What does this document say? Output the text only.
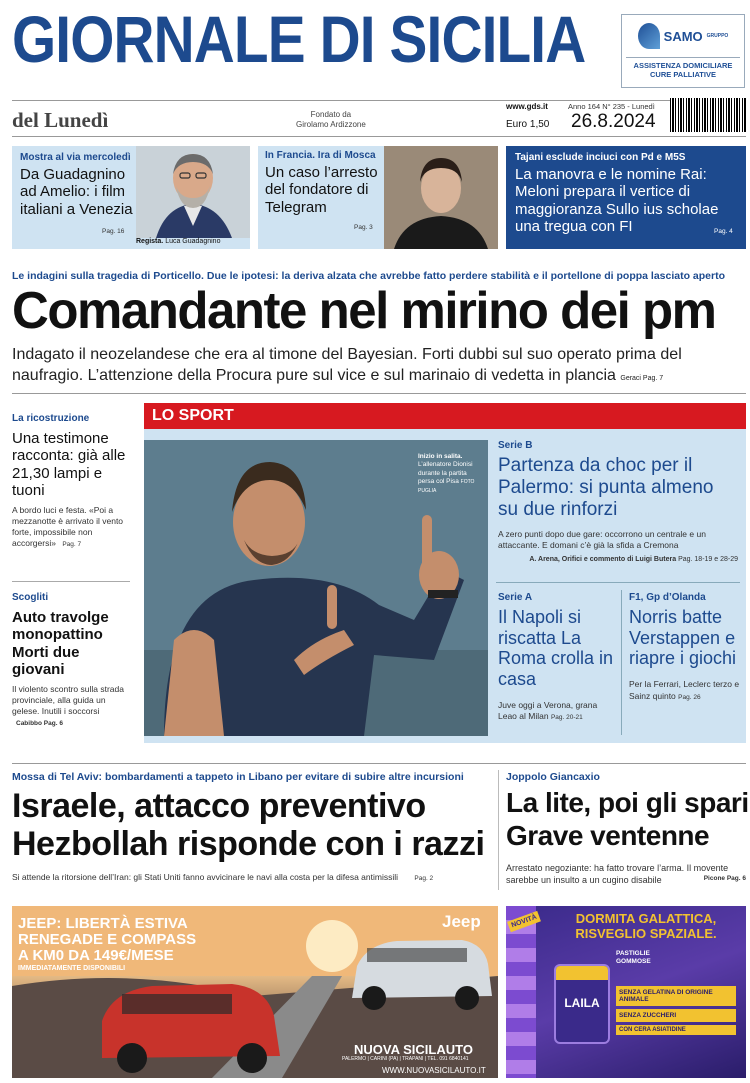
GIORNALE DI SICILIA	SAMO GRUPPO
ASSISTENZA DOMICILIARE
CURE PALLIATIVE
del Lunedì	Fondato da
Girolamo Ardizzone
www.gds.it
Euro 1,50
Anno 164 N° 235 - Lunedì
26.8.2024
Mostra al via mercoledì
Da Guadagnino ad Amelio: i film italiani a Venezia
Pag. 16
Regista. Luca Guadagnino
In Francia. Ira di Mosca
Un caso l’arresto del fondatore di Telegram
Pag. 3
Tajani esclude inciuci con Pd e M5S
La manovra e le nomine Rai: Meloni prepara il vertice di maggioranza Sullo ius scholae una tregua con FI	Pag. 4
Le indagini sulla tragedia di Porticello. Due le ipotesi: la deriva alzata che avrebbe fatto perdere stabilità e il portellone di poppa lasciato aperto
Comandante nel mirino dei pm
Indagato il neozelandese che era al timone del Bayesian. Forti dubbi sul suo operato prima del naufragio. L’attenzione della Procura pure sul vice e sul marinaio di vedetta in plancia Geraci Pag. 7
La ricostruzione
Una testimone racconta: già alle 21,30 lampi e tuoni
A bordo luci e festa. «Poi a mezzanotte è arrivato il vento forte, impossibile non accorgersi» Pag. 7
Scogliti
Auto travolge monopattino Morti due giovani
Il violento scontro sulla strada provinciale, alla guida un gelese. Inutili i soccorsi Cabibbo Pag. 6
LO SPORT
Inizio in salita. L’allenatore Dionisi durante la partita persa col Pisa FOTO PUGLIA
Serie B
Partenza da choc per il Palermo: si punta almeno su due rinforzi
A zero punti dopo due gare: occorrono un centrale e un attaccante. E domani c’è già la sfida a Cremona
A. Arena, Orifici e commento di Luigi Butera Pag. 18-19 e 28-29
Serie A
Il Napoli si riscatta La Roma crolla in casa
Juve oggi a Verona, grana Leao al Milan Pag. 20-21
F1, Gp d’Olanda
Norris batte Verstappen e riapre i giochi
Per la Ferrari, Leclerc terzo e Sainz quinto Pag. 26
Mossa di Tel Aviv: bombardamenti a tappeto in Libano per evitare di subire altre incursioni
Israele, attacco preventivo
Hezbollah risponde con i razzi
Si attende la ritorsione dell’Iran: gli Stati Uniti fanno avvicinare le navi alla costa per la difesa antimissili	Pag. 2
Joppolo Giancaxio
La lite, poi gli spari
Grave ventenne
Arrestato negoziante: ha fatto trovare l’arma. Il movente sarebbe un insulto a un cugino disabile	Picone Pag. 6
JEEP: LIBERTÀ ESTIVA
RENEGADE E COMPASS
A KM0 DA 149€/MESE
IMMEDIATAMENTE DISPONIBILI
Jeep
NUOVA SICILAUTO
PALERMO | CARINI (PA) | TRAPANI | TEL. 091 6840141
WWW.NUOVASICILAUTO.IT
NOVITÀ	DORMITA GALATTICA,
RISVEGLIO SPAZIALE.
PASTIGLIE GOMMOSE
LAILA
SENZA GELATINA DI ORIGINE ANIMALE
SENZA ZUCCHERI
CON CERA ASIATIDINE
